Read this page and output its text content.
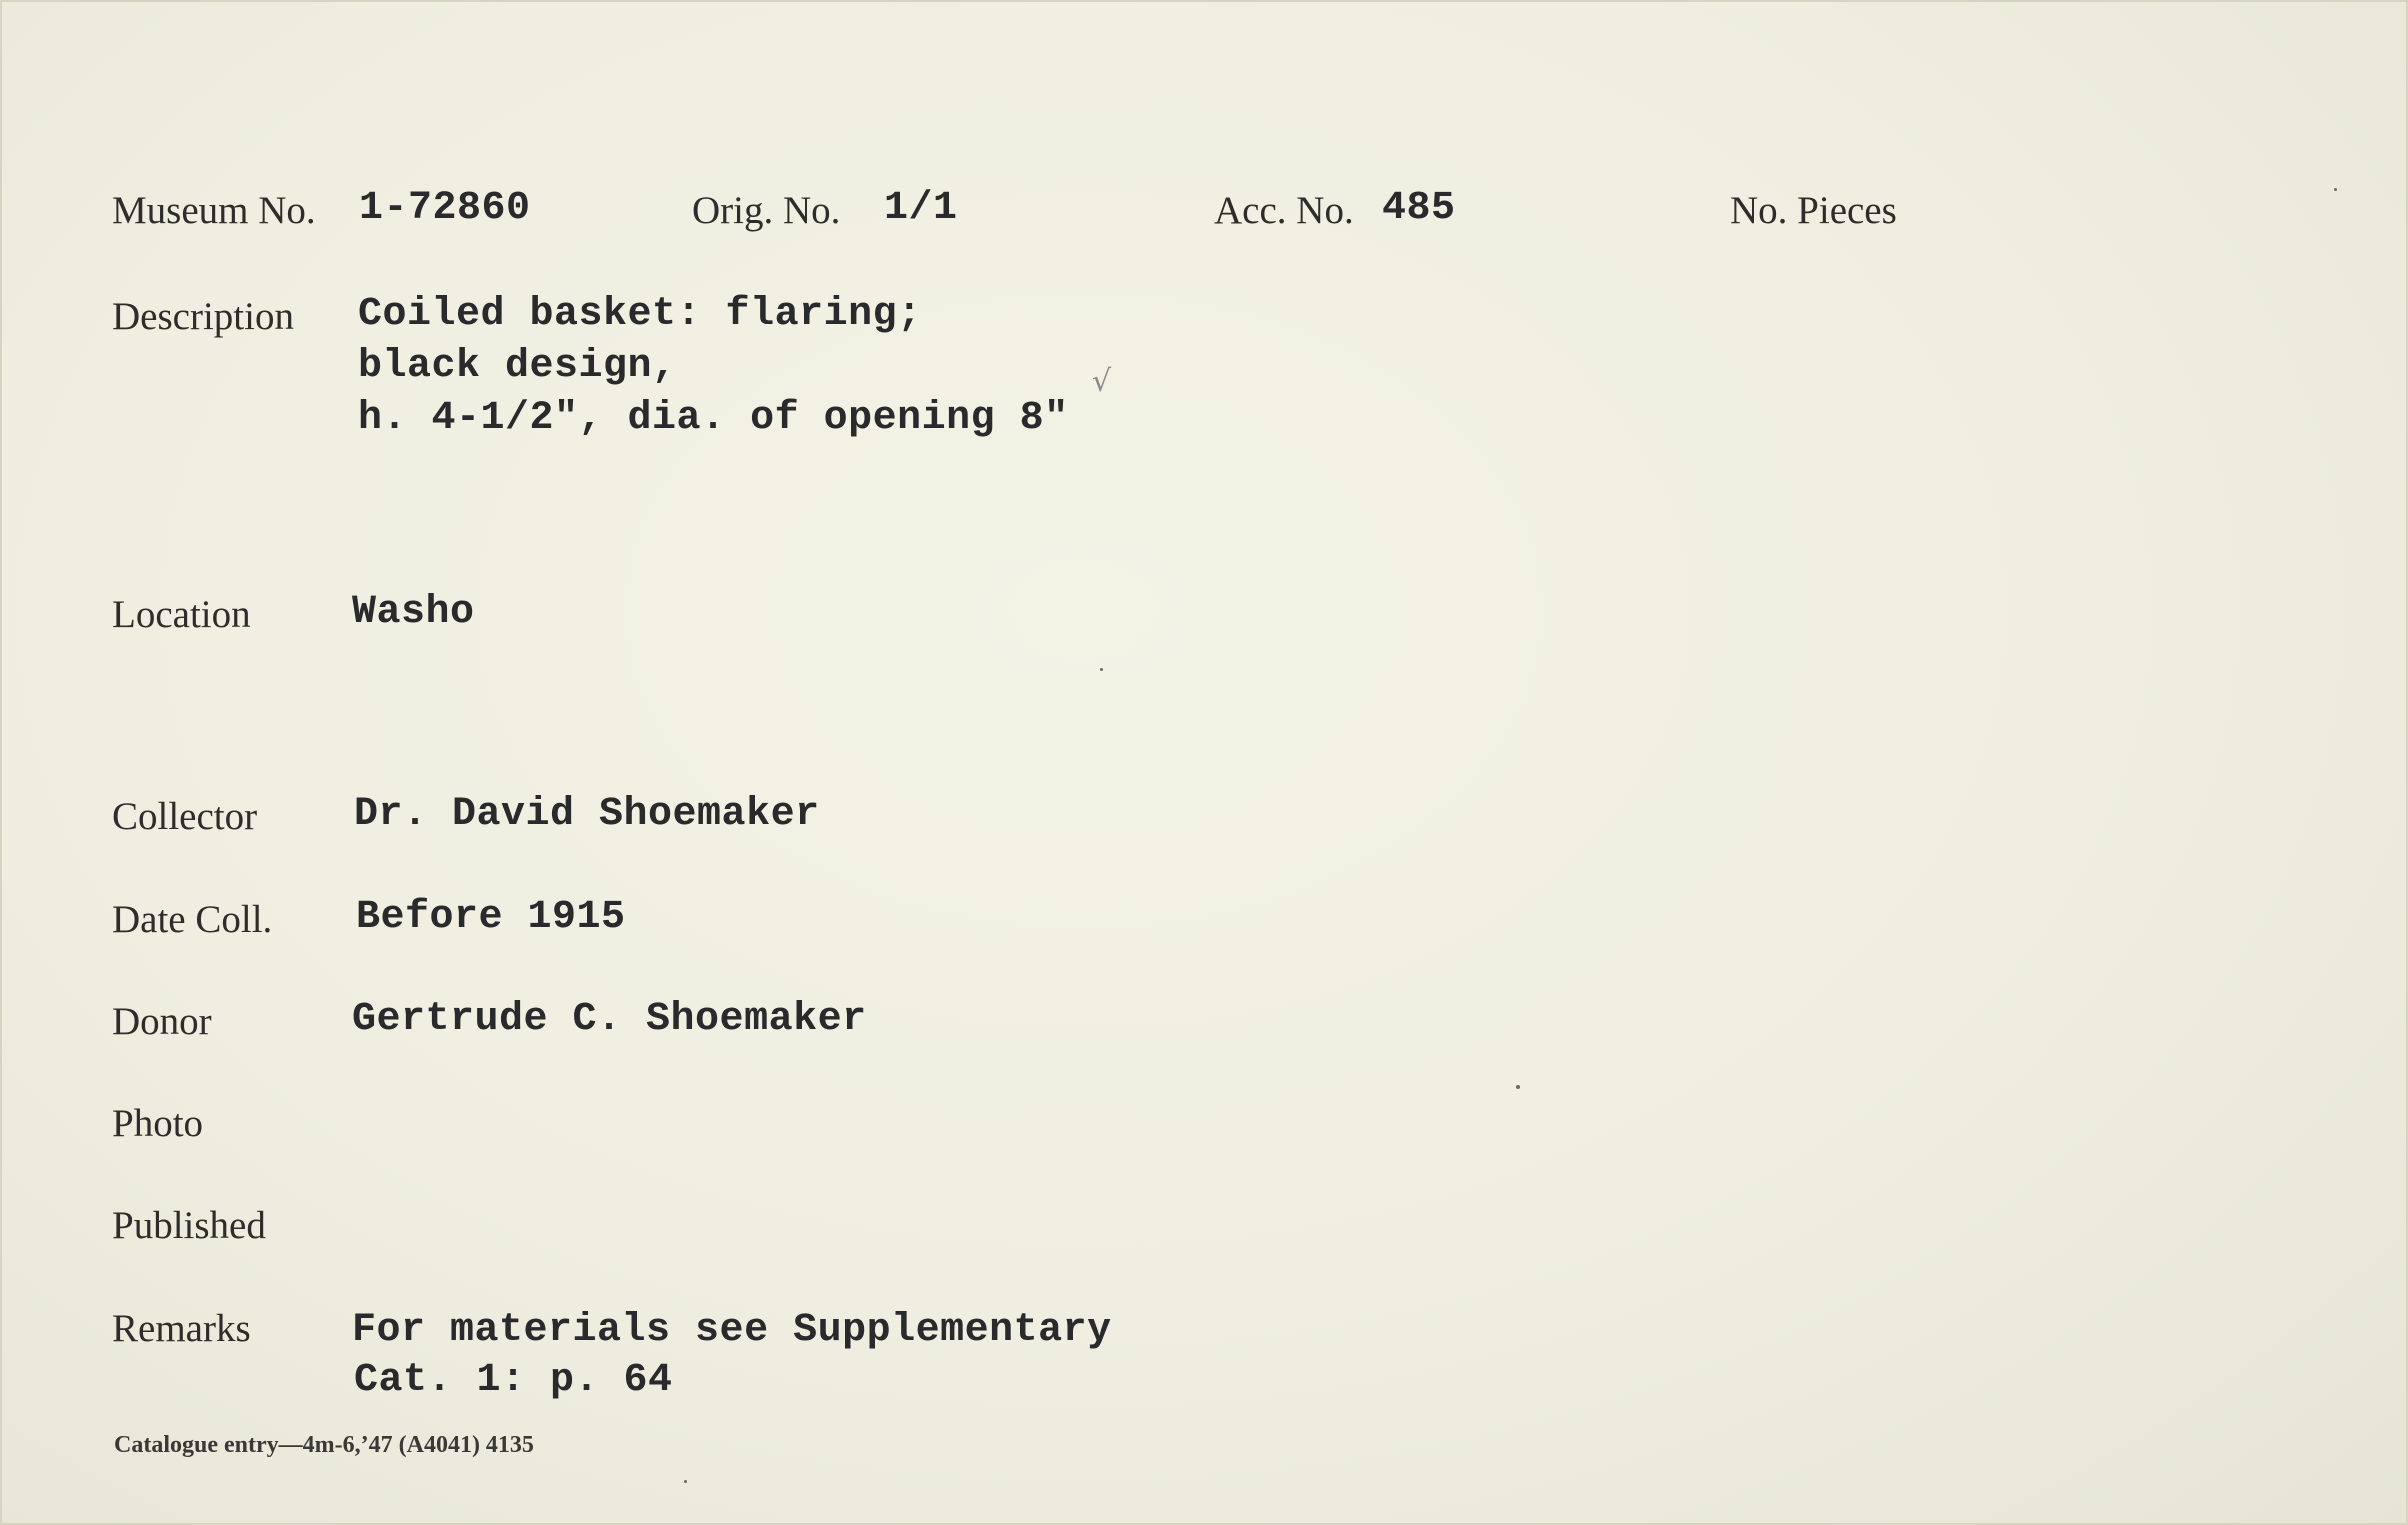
Museum No. 1-72860	Orig. No. 1/1	Acc. No. 485	No. Pieces
Description Coiled basket: flaring;
black design,
h. 4-1/2", dia. of opening 8"
√
Location	Washo
Collector Dr. David Shoemaker
Date Coll. Before 1915
Donor	Gertrude C. Shoemaker
Photo
Published
Remarks	For materials see Supplementary
Cat. 1: p. 64
Catalogue entry—4m-6,’47 (A4041) 4135
